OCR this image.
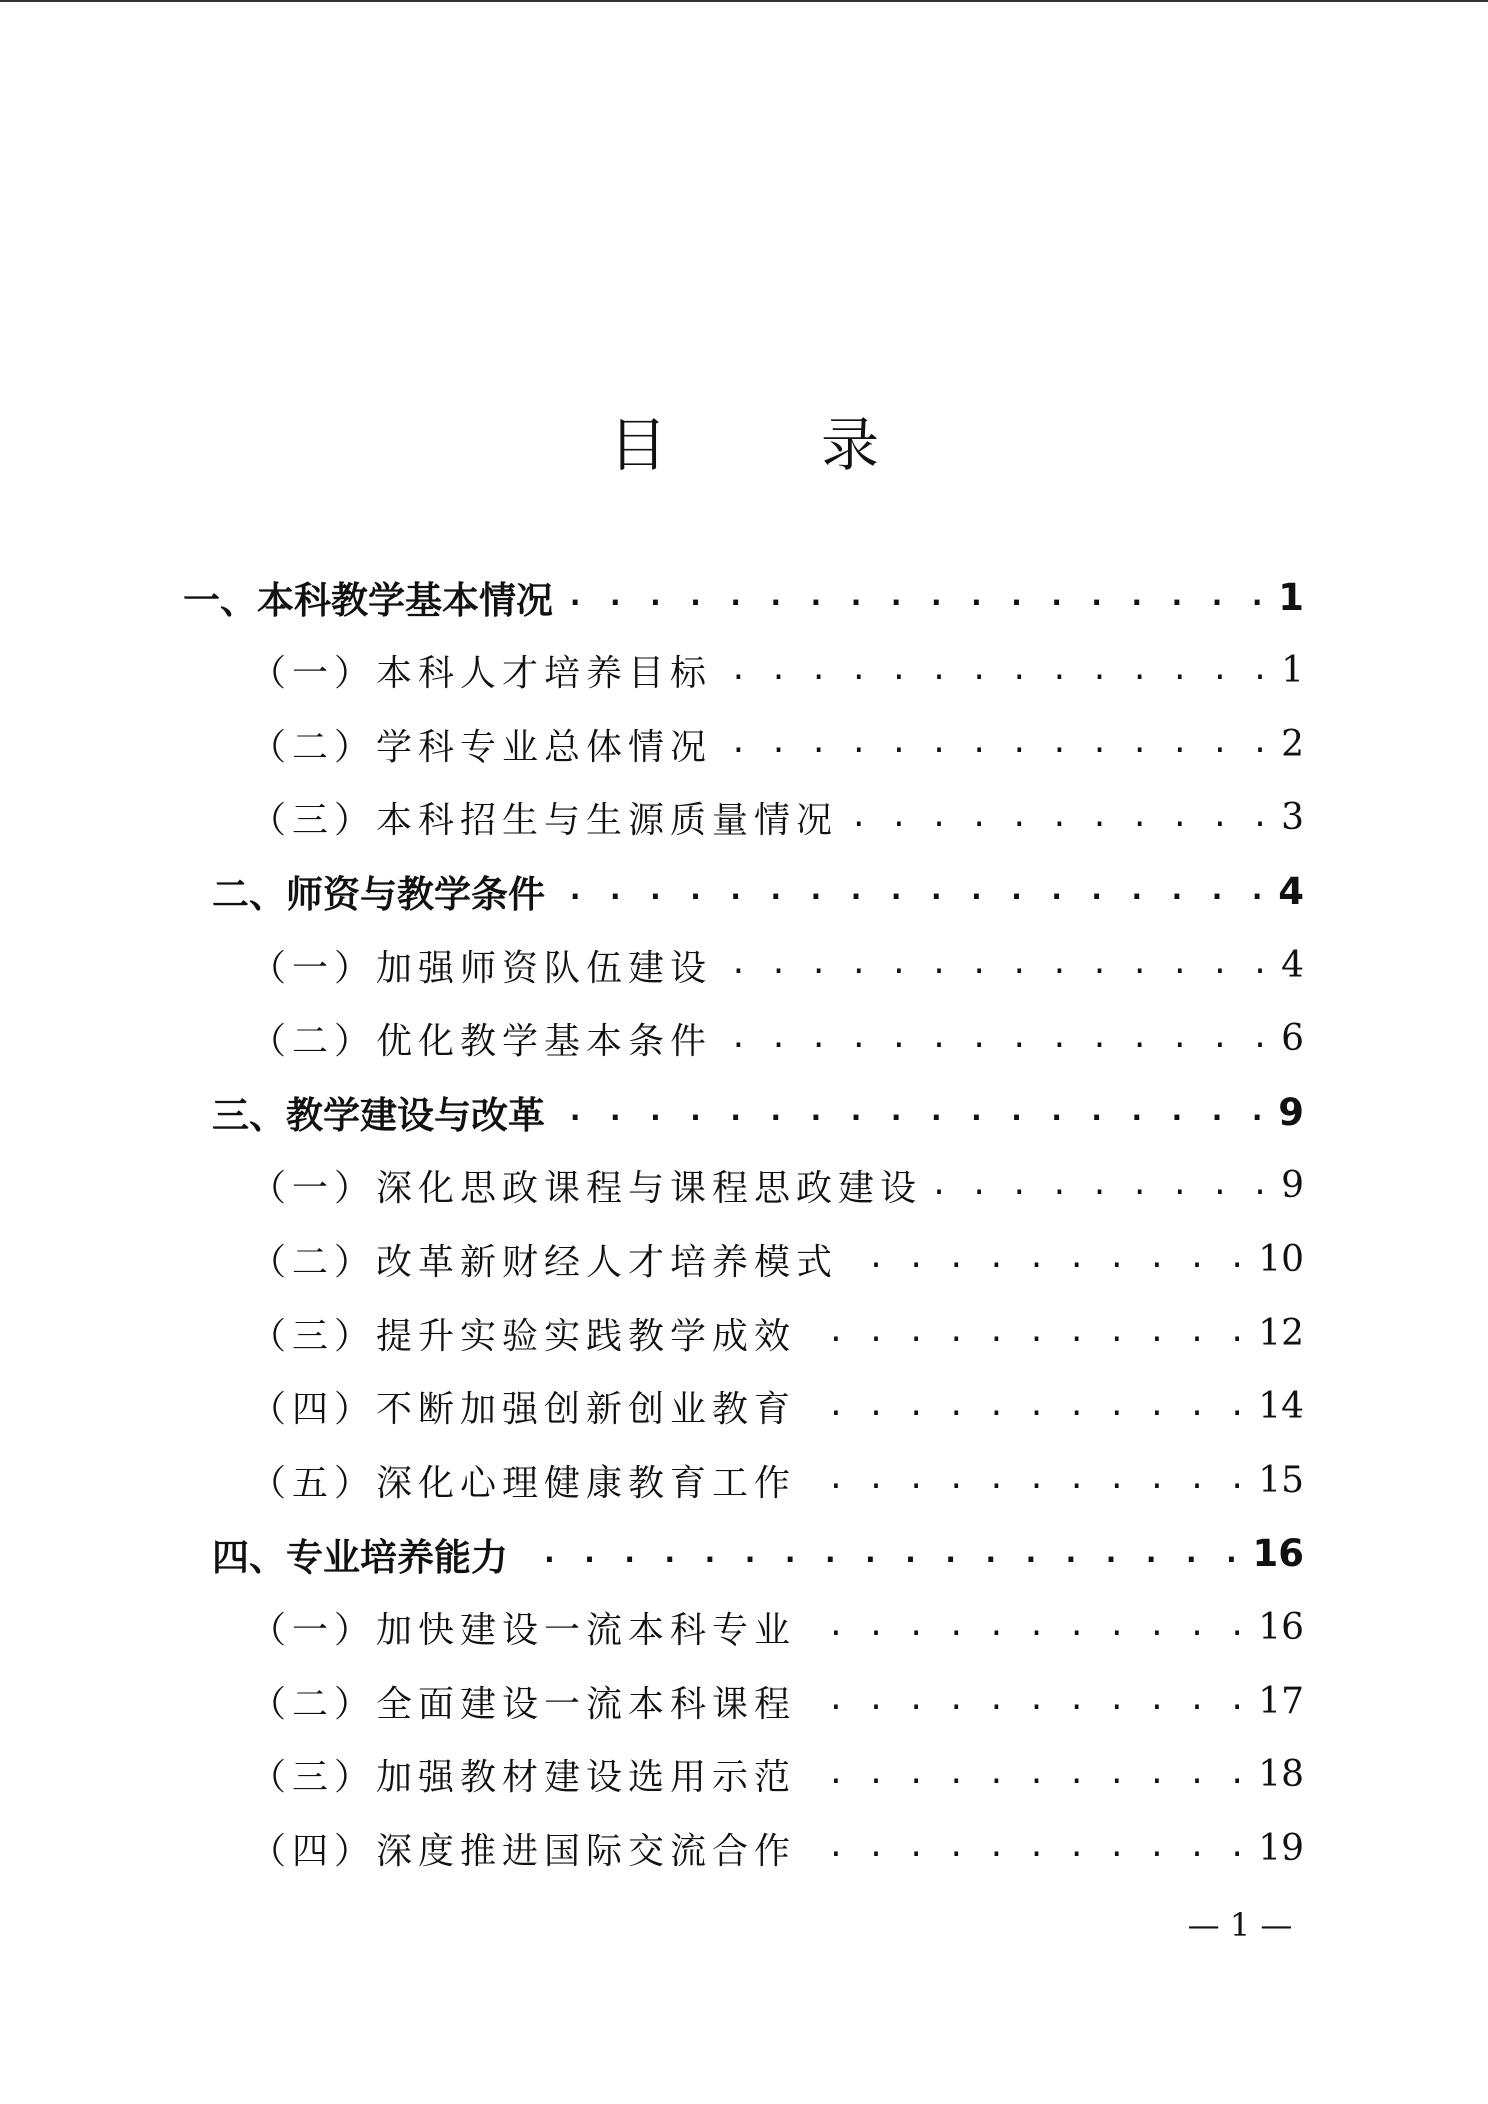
目　录
一、本科教学基本情况 . . .	1
（一）本科人才培养目标 . . .	1
（二）学科专业总体情况 . . .	2
（三）本科招生与生源质量情况 . . .	3
二、师资与教学条件 . . .	4
（一）加强师资队伍建设 . . .	4
（二）优化教学基本条件 . . .	6
三、教学建设与改革 . . .	9
（一）深化思政课程与课程思政建设 . . .	9
（二）改革新财经人才培养模式 . . .	10
（三）提升实验实践教学成效 . . .	12
（四）不断加强创新创业教育 . . .	14
（五）深化心理健康教育工作 . . .	15
四、专业培养能力 . . .	16
（一）加快建设一流本科专业 . . .	16
（二）全面建设一流本科课程 . . .	17
（三）加强教材建设选用示范 . . .	18
（四）深度推进国际交流合作 . . .	19
— 1 —
